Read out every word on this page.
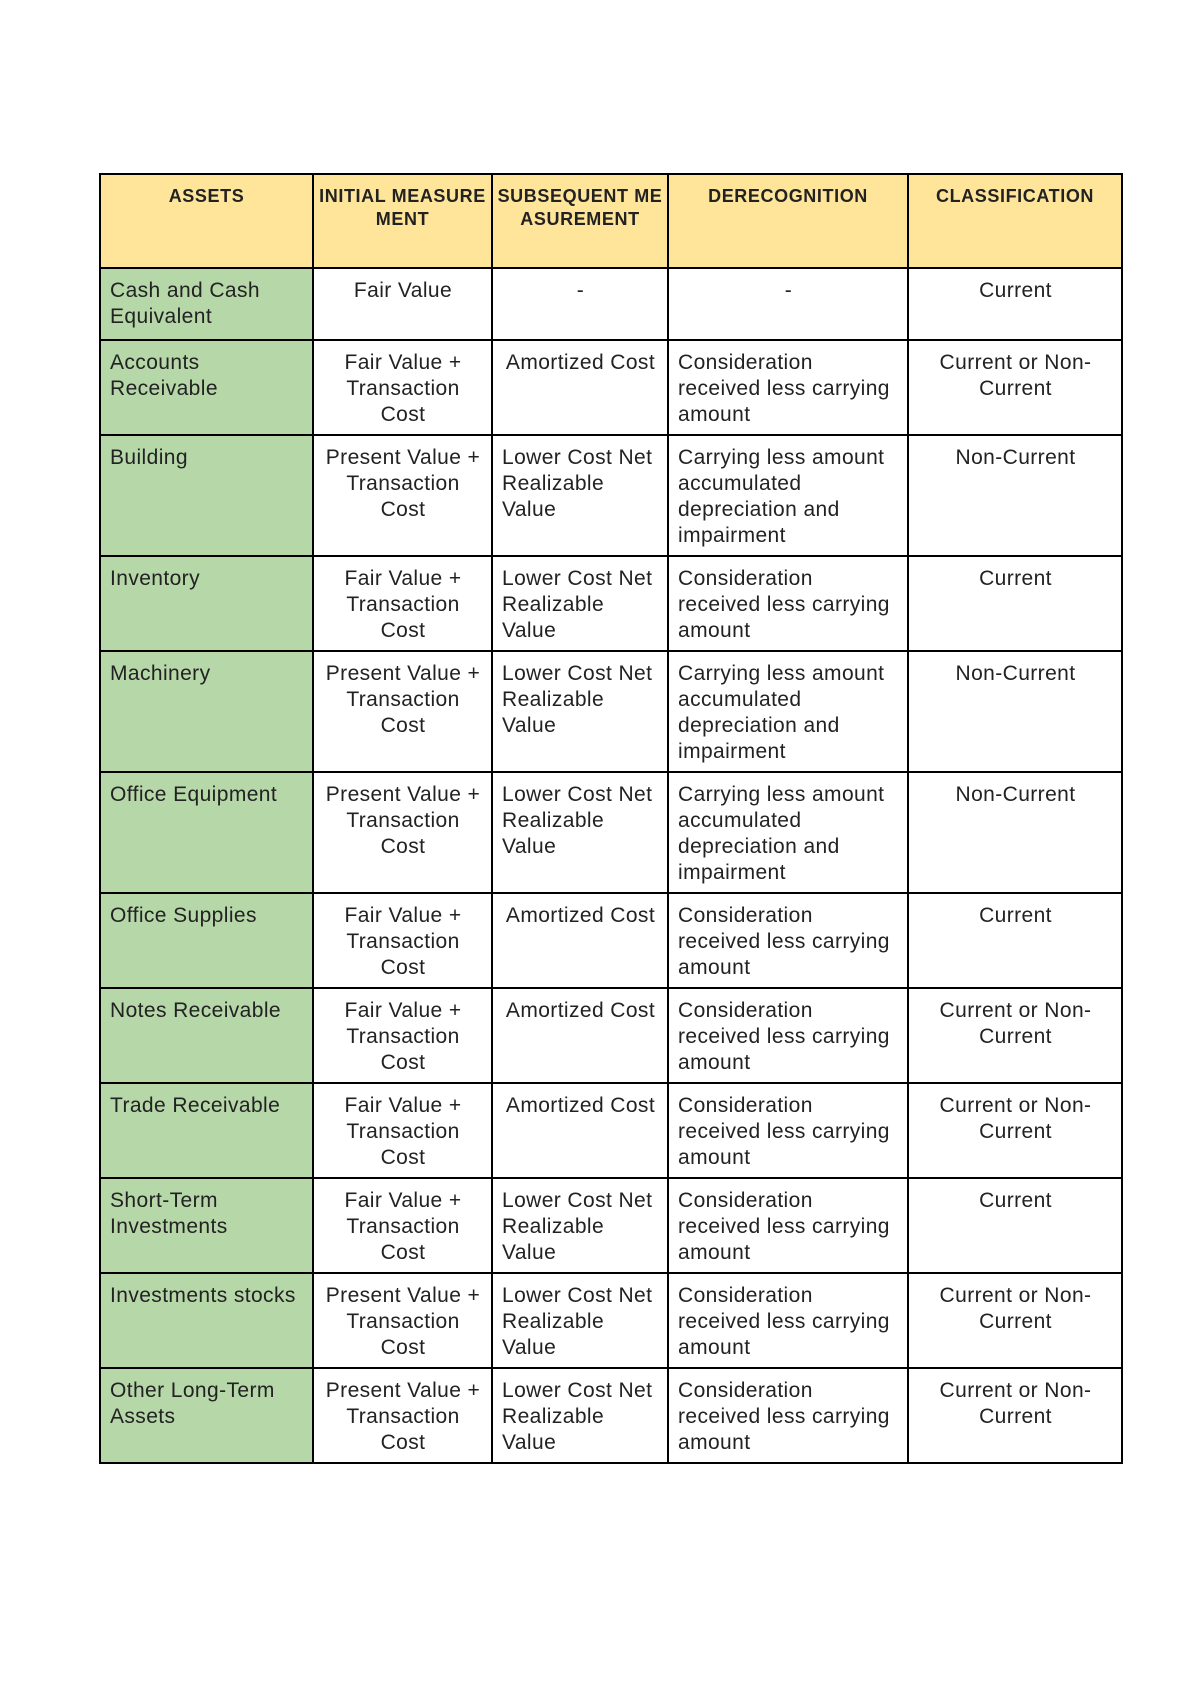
ASSETS	INITIAL MEASUREMENT	SUBSEQUENT MEASUREMENT	DERECOGNITION	CLASSIFICATION
Cash and Cash Equivalent	Fair Value	-	-	Current
Accounts Receivable	Fair Value + Transaction Cost	Amortized Cost	Consideration received less carrying amount	Current or Non-Current
Building	Present Value + Transaction Cost	Lower Cost Net Realizable Value	Carrying less amount accumulated depreciation and impairment	Non-Current
Inventory	Fair Value + Transaction Cost	Lower Cost Net Realizable Value	Consideration received less carrying amount	Current
Machinery	Present Value + Transaction Cost	Lower Cost Net Realizable Value	Carrying less amount accumulated depreciation and impairment	Non-Current
Office Equipment	Present Value + Transaction Cost	Lower Cost Net Realizable Value	Carrying less amount accumulated depreciation and impairment	Non-Current
Office Supplies	Fair Value + Transaction Cost	Amortized Cost	Consideration received less carrying amount	Current
Notes Receivable	Fair Value + Transaction Cost	Amortized Cost	Consideration received less carrying amount	Current or Non-Current
Trade Receivable	Fair Value + Transaction Cost	Amortized Cost	Consideration received less carrying amount	Current or Non-Current
Short-Term Investments	Fair Value + Transaction Cost	Lower Cost Net Realizable Value	Consideration received less carrying amount	Current
Investments stocks	Present Value + Transaction Cost	Lower Cost Net Realizable Value	Consideration received less carrying amount	Current or Non-Current
Other Long-Term Assets	Present Value + Transaction Cost	Lower Cost Net Realizable Value	Consideration received less carrying amount	Current or Non-Current
